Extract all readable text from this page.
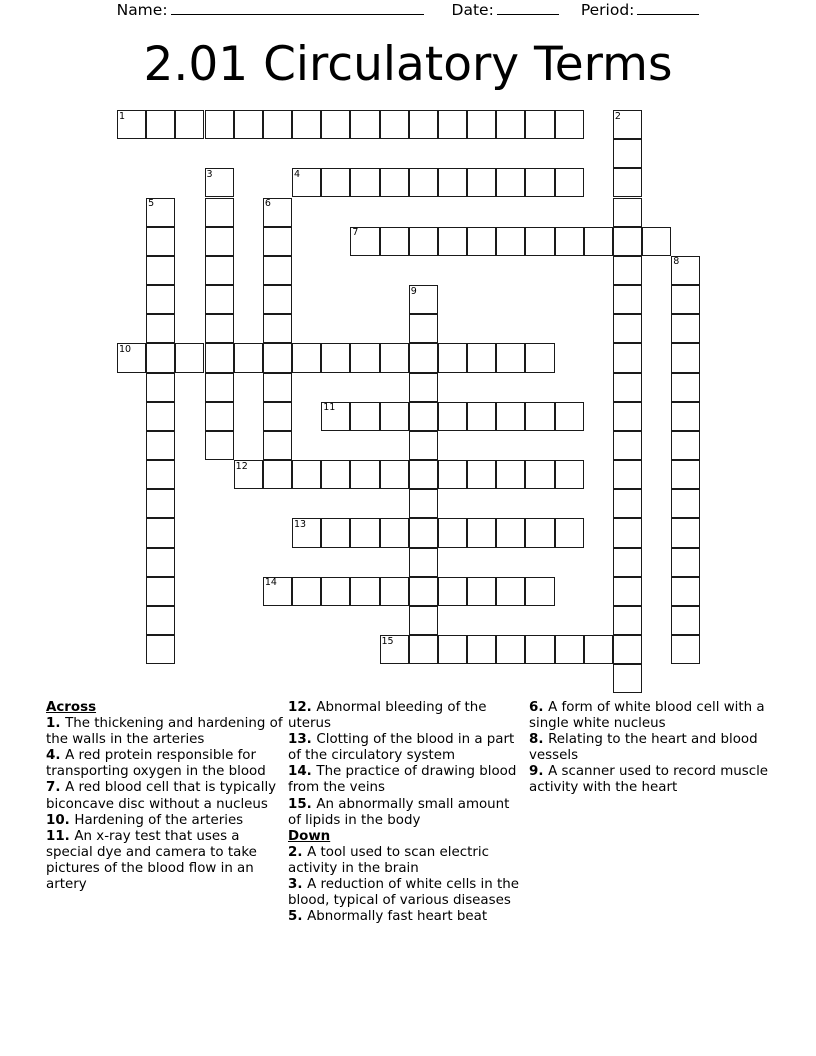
Name:	Date:	Period:
2.01 Circulatory Terms
1	2
3	4
5	6
7
8
9
10
11
12
13
14
15
Across
1. The thickening and hardening of the walls in the arteries
4. A red protein responsible for transporting oxygen in the blood
7. A red blood cell that is typically biconcave disc without a nucleus
10. Hardening of the arteries
11. An x-ray test that uses a special dye and camera to take pictures of the blood flow in an artery
12. Abnormal bleeding of the uterus
13. Clotting of the blood in a part of the circulatory system
14. The practice of drawing blood from the veins
15. An abnormally small amount of lipids in the body
Down
2. A tool used to scan electric activity in the brain
3. A reduction of white cells in the blood, typical of various diseases
5. Abnormally fast heart beat
6. A form of white blood cell with a single white nucleus
8. Relating to the heart and blood vessels
9. A scanner used to record muscle activity with the heart
